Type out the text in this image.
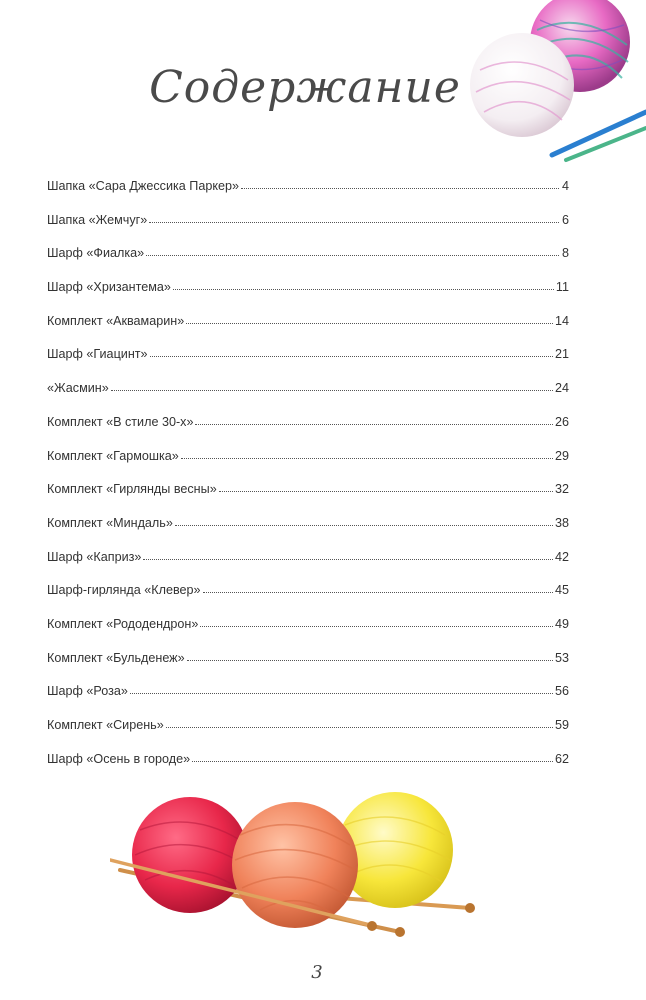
Содержание
Шапка «Сара Джессика Паркер»	4
Шапка «Жемчуг»	6
Шарф «Фиалка»	8
Шарф «Хризантема»	11
Комплект «Аквамарин»	14
Шарф «Гиацинт»	21
«Жасмин»	24
Комплект «В стиле 30-х»	26
Комплект «Гармошка»	29
Комплект «Гирлянды весны»	32
Комплект «Миндаль»	38
Шарф «Каприз»	42
Шарф-гирлянда «Клевер»	45
Комплект «Рододендрон»	49
Комплект «Бульденеж»	53
Шарф «Роза»	56
Комплект «Сирень»	59
Шарф «Осень в городе»	62
3
